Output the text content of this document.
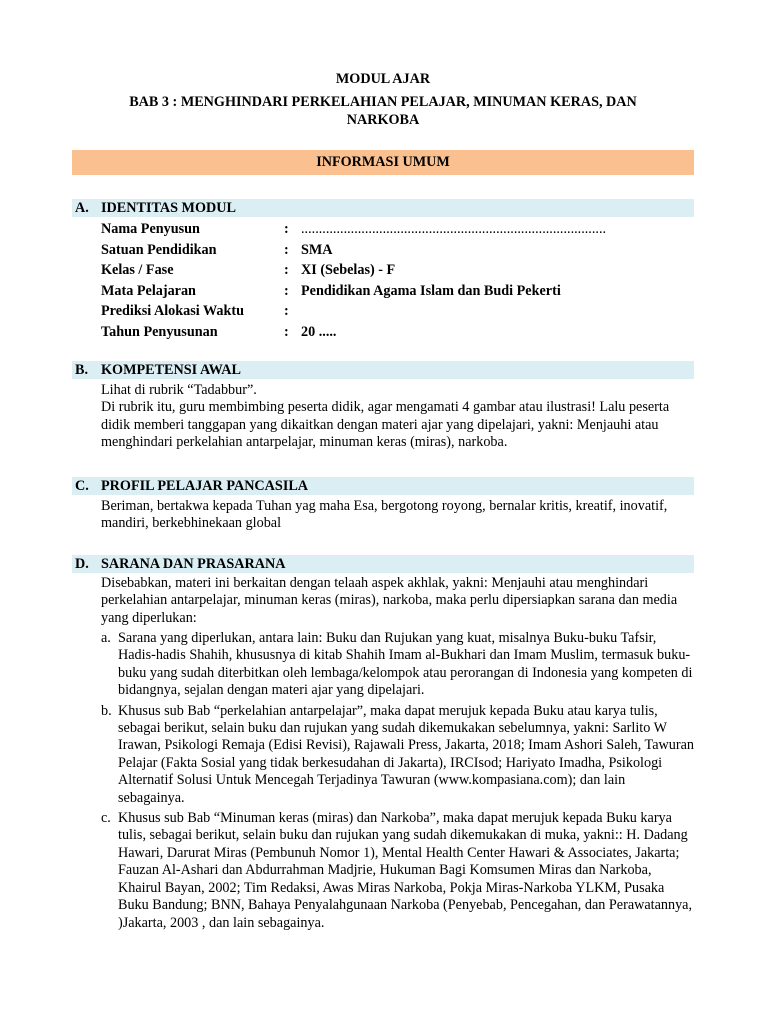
MODUL AJAR
BAB 3 : MENGHINDARI PERKELAHIAN PELAJAR, MINUMAN KERAS, DAN
NARKOBA
INFORMASI UMUM
A. IDENTITAS MODUL
Nama Penyusun	: ......................................................................................
Satuan Pendidikan	: SMA
Kelas / Fase	: XI (Sebelas) - F
Mata Pelajaran	: Pendidikan Agama Islam dan Budi Pekerti
Prediksi Alokasi Waktu	:
Tahun Penyusunan	: 20 .....
B. KOMPETENSI AWAL

Lihat di rubrik “Tadabbur”.

Di rubrik itu, guru membimbing peserta didik, agar mengamati 4 gambar atau ilustrasi! Lalu peserta didik memberi tanggapan yang dikaitkan dengan materi ajar yang dipelajari, yakni: Menjauhi atau menghindari perkelahian antarpelajar, minuman keras (miras), narkoba.

C. PROFIL PELAJAR PANCASILA

Beriman, bertakwa kepada Tuhan yag maha Esa, bergotong royong, bernalar kritis, kreatif, inovatif, mandiri, berkebhinekaan global

D. SARANA DAN PRASARANA

Disebabkan, materi ini berkaitan dengan telaah aspek akhlak, yakni: Menjauhi atau menghindari perkelahian antarpelajar, minuman keras (miras), narkoba, maka perlu dipersiapkan sarana dan media yang diperlukan:

a. Sarana yang diperlukan, antara lain: Buku dan Rujukan yang kuat, misalnya Buku-buku Tafsir, Hadis-hadis Shahih, khususnya di kitab Shahih Imam al-Bukhari dan Imam Muslim, termasuk buku-buku yang sudah diterbitkan oleh lembaga/kelompok atau perorangan di Indonesia yang kompeten di bidangnya, sejalan dengan materi ajar yang dipelajari.
b. Khusus sub Bab “perkelahian antarpelajar”, maka dapat merujuk kepada Buku atau karya tulis, sebagai berikut, selain buku dan rujukan yang sudah dikemukakan sebelumnya, yakni: Sarlito W Irawan, Psikologi Remaja (Edisi Revisi), Rajawali Press, Jakarta, 2018; Imam Ashori Saleh, Tawuran Pelajar (Fakta Sosial yang tidak berkesudahan di Jakarta), IRCIsod; Hariyato Imadha, Psikologi Alternatif Solusi Untuk Mencegah Terjadinya Tawuran (www.kompasiana.com); dan lain sebagainya.
c. Khusus sub Bab “Minuman keras (miras) dan Narkoba”, maka dapat merujuk kepada Buku karya tulis, sebagai berikut, selain buku dan rujukan yang sudah dikemukakan di muka, yakni:: H. Dadang Hawari, Darurat Miras (Pembunuh Nomor 1), Mental Health Center Hawari & Associates, Jakarta; Fauzan Al-Ashari dan Abdurrahman Madjrie, Hukuman Bagi Komsumen Miras dan Narkoba, Khairul Bayan, 2002; Tim Redaksi, Awas Miras Narkoba, Pokja Miras-Narkoba YLKM, Pusaka Buku Bandung; BNN, Bahaya Penyalahgunaan Narkoba (Penyebab, Pencegahan, dan Perawatannya, )Jakarta, 2003 , dan lain sebagainya.
